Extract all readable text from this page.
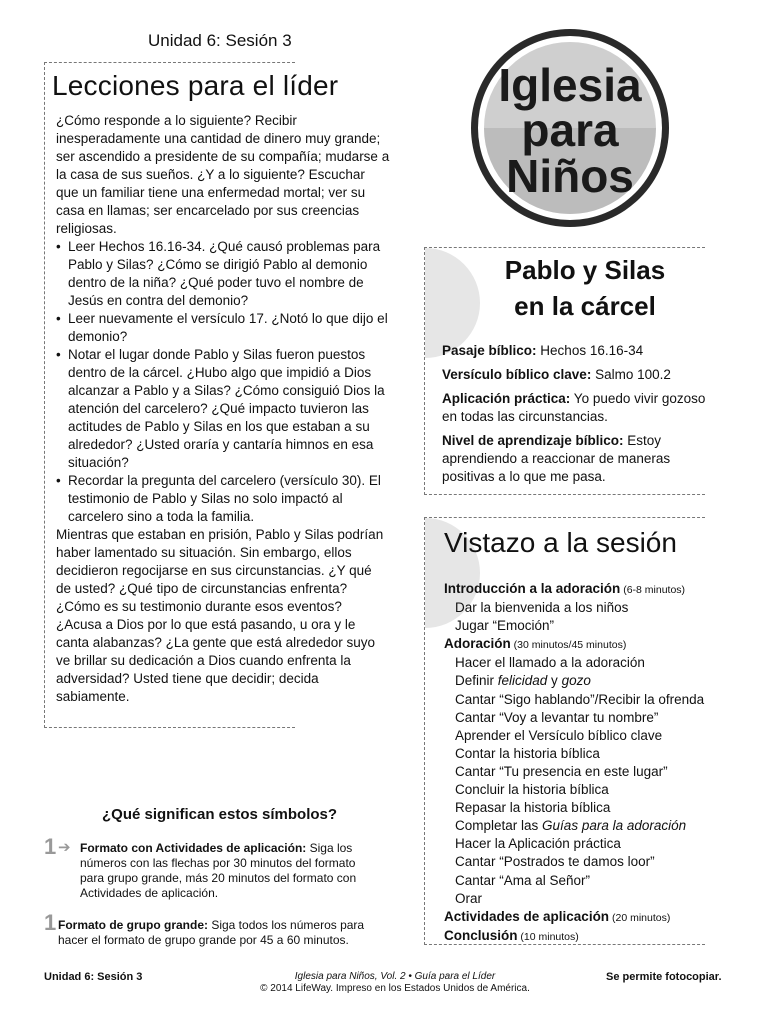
Unidad 6: Sesión 3
Lecciones para el líder

¿Cómo responde a lo siguiente? Recibir inesperadamente una cantidad de dinero muy grande; ser ascendido a presidente de su compañía; mudarse a la casa de sus sueños. ¿Y a lo siguiente? Escuchar que un familiar tiene una enfermedad mortal; ver su casa en llamas; ser encarcelado por sus creencias religiosas.

• Leer Hechos 16.16-34. ¿Qué causó problemas para Pablo y Silas? ¿Cómo se dirigió Pablo al demonio dentro de la niña? ¿Qué poder tuvo el nombre de Jesús en contra del demonio?
• Leer nuevamente el versículo 17. ¿Notó lo que dijo el demonio?
• Notar el lugar donde Pablo y Silas fueron puestos dentro de la cárcel. ¿Hubo algo que impidió a Dios alcanzar a Pablo y a Silas? ¿Cómo consiguió Dios la atención del carcelero? ¿Qué impacto tuvieron las actitudes de Pablo y Silas en los que estaban a su alrededor? ¿Usted oraría y cantaría himnos en esa situación?
• Recordar la pregunta del carcelero (versículo 30). El testimonio de Pablo y Silas no solo impactó al carcelero sino a toda la familia.

Mientras que estaban en prisión, Pablo y Silas podrían haber lamentado su situación. Sin embargo, ellos decidieron regocijarse en sus circunstancias. ¿Y qué de usted? ¿Qué tipo de circunstancias enfrenta? ¿Cómo es su testimonio durante esos eventos? ¿Acusa a Dios por lo que está pasando, u ora y le canta alabanzas? ¿La gente que está alrededor suyo ve brillar su dedicación a Dios cuando enfrenta la adversidad? Usted tiene que decidir; decida sabiamente.

Iglesia
para
Niños
Pablo y Silas
en la cárcel

Pasaje bíblico: Hechos 16.16-34

Versículo bíblico clave: Salmo 100.2

Aplicación práctica: Yo puedo vivir gozoso en todas las circunstancias.

Nivel de aprendizaje bíblico: Estoy aprendiendo a reaccionar de maneras positivas a lo que me pasa.

Vistazo a la sesión
Introducción a la adoración (6-8 minutos)
Dar la bienvenida a los niños
Jugar “Emoción”
Adoración (30 minutos/45 minutos)
Hacer el llamado a la adoración
Definir felicidad y gozo
Cantar “Sigo hablando”/Recibir la ofrenda
Cantar “Voy a levantar tu nombre”
Aprender el Versículo bíblico clave
Contar la historia bíblica
Cantar “Tu presencia en este lugar”
Concluir la historia bíblica
Repasar la historia bíblica
Completar las Guías para la adoración
Hacer la Aplicación práctica
Cantar “Postrados te damos loor”
Cantar “Ama al Señor”
Orar
Actividades de aplicación (20 minutos)
Conclusión (10 minutos)
¿Qué significan estos símbolos?
1 ➔ Formato con Actividades de aplicación: Siga los números con las flechas por 30 minutos del formato para grupo grande, más 20 minutos del formato con Actividades de aplicación.
1 Formato de grupo grande: Siga todos los números para hacer el formato de grupo grande por 45 a 60 minutos.
Unidad 6: Sesión 3	Iglesia para Niños, Vol. 2 • Guía para el Líder
© 2014 LifeWay. Impreso en los Estados Unidos de América.
Se permite fotocopiar.
